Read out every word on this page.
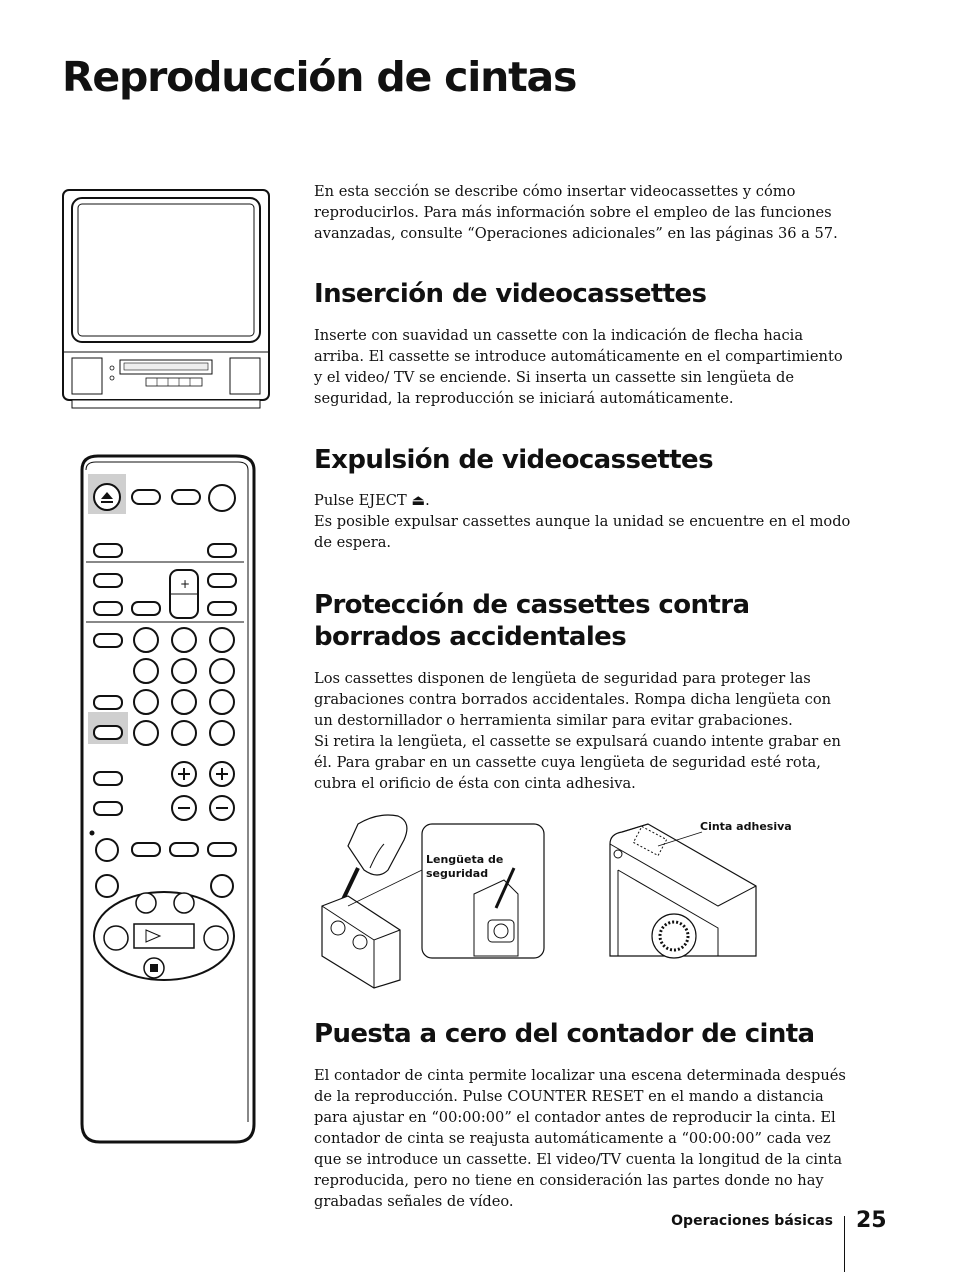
Reproducción de cintas
+
En esta sección se describe cómo insertar videocassettes y cómo reproducirlos. Para más información sobre el empleo de las funciones avanzadas, consulte “Operaciones adicionales” en las páginas 36 a 57.
Inserción de videocassettes
Inserte con suavidad un cassette con la indicación de flecha hacia arriba. El cassette se introduce automáticamente en el compartimiento y el video/ TV se enciende. Si inserta un cassette sin lengüeta de seguridad, la reproducción se iniciará automáticamente.
Expulsión de videocassettes

Pulse EJECT ⏏.

Es posible expulsar cassettes aunque la unidad se encuentre en el modo de espera.

Protección de cassettes contra borrados accidentales

Los cassettes disponen de lengüeta de seguridad para proteger las grabaciones contra borrados accidentales. Rompa dicha lengüeta con un destornillador o herramienta similar para evitar grabaciones.

Si retira la lengüeta, el cassette se expulsará cuando intente grabar en él. Para grabar en un cassette cuya lengüeta de seguridad esté rota, cubra el orificio de ésta con cinta adhesiva.

Lengüeta de
seguridad
Cinta adhesiva
Puesta a cero del contador de cinta
El contador de cinta permite localizar una escena determinada después de la reproducción. Pulse COUNTER RESET en el mando a distancia para ajustar en “00:00:00” el contador antes de reproducir la cinta. El contador de cinta se reajusta automáticamente a “00:00:00” cada vez que se introduce un cassette. El video/TV cuenta la longitud de la cinta reproducida, pero no tiene en consideración las partes donde no hay grabadas señales de vídeo.
Operaciones básicas 25
